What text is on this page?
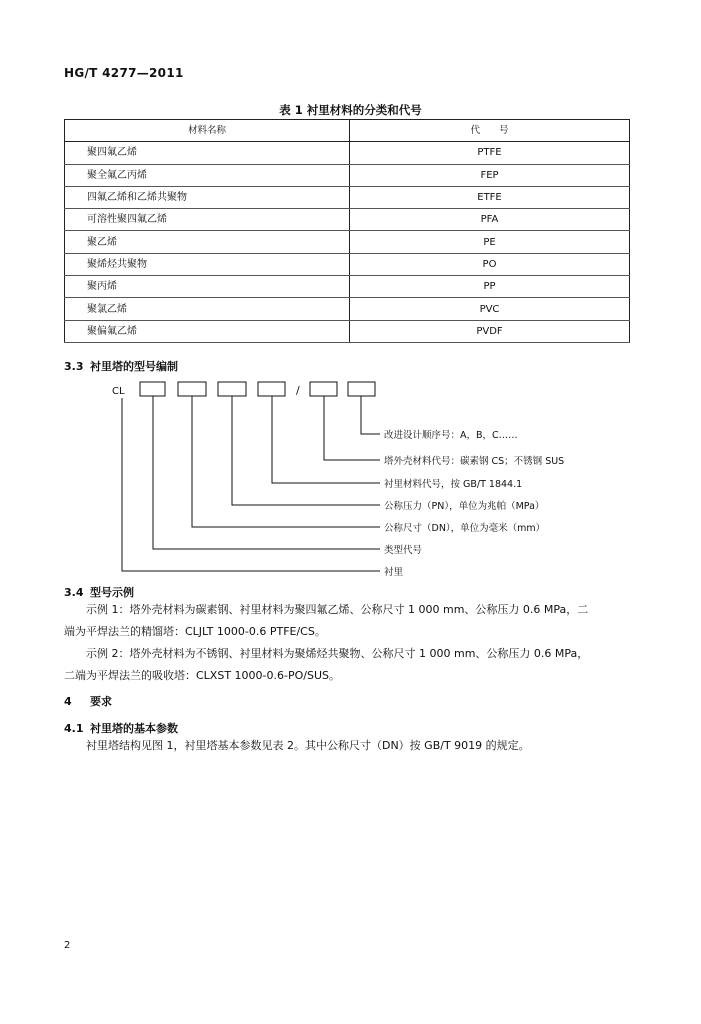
HG/T 4277—2011
表 1 衬里材料的分类和代号
材料名称	代　　号
聚四氟乙烯	PTFE
聚全氟乙丙烯	FEP
四氟乙烯和乙烯共聚物	ETFE
可溶性聚四氟乙烯	PFA
聚乙烯	PE
聚烯烃共聚物	PO
聚丙烯	PP
聚氯乙烯	PVC
聚偏氟乙烯	PVDF
3.3 衬里塔的型号编制
CL	/
改进设计顺序号：A，B，C……
塔外壳材料代号：碳素钢 CS；不锈钢 SUS
衬里材料代号，按 GB/T 1844.1
公称压力（PN），单位为兆帕（MPa）
公称尺寸（DN），单位为毫米（mm）
类型代号
衬里
3.4 型号示例
示例 1：塔外壳材料为碳素钢、衬里材料为聚四氟乙烯、公称尺寸 1 000 mm、公称压力 0.6 MPa，二
端为平焊法兰的精馏塔：CLJLT 1000-0.6 PTFE/CS。
示例 2：塔外壳材料为不锈钢、衬里材料为聚烯烃共聚物、公称尺寸 1 000 mm、公称压力 0.6 MPa，
二端为平焊法兰的吸收塔：CLXST 1000-0.6-PO/SUS。
4 要求
4.1 衬里塔的基本参数
衬里塔结构见图 1，衬里塔基本参数见表 2。其中公称尺寸（DN）按 GB/T 9019 的规定。
2
